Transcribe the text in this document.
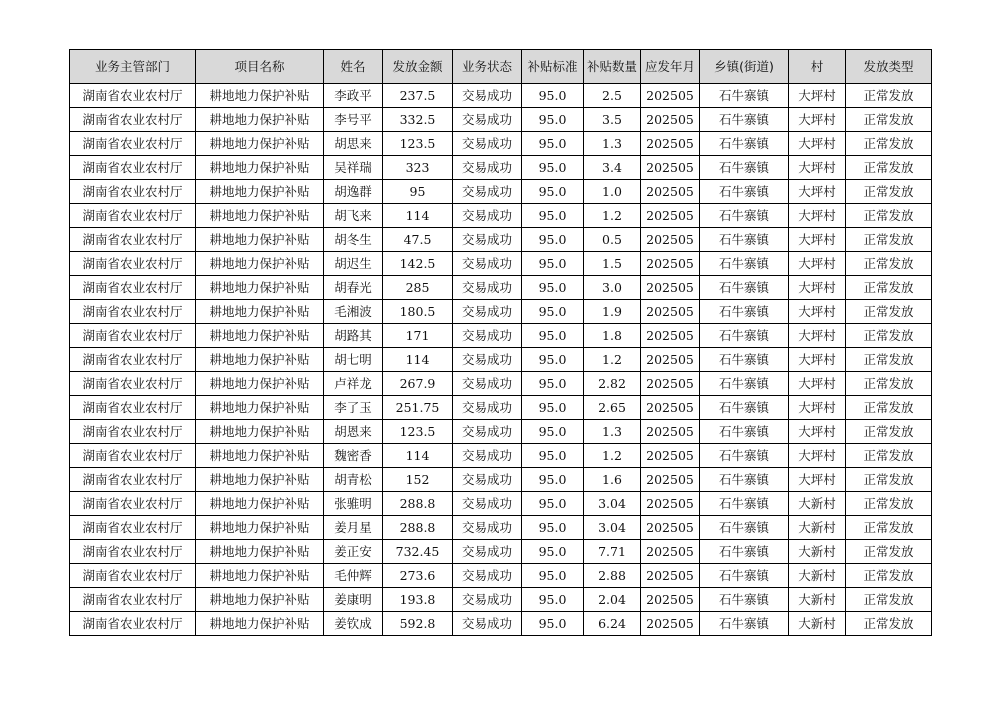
业务主管部门	项目名称	姓名	发放金额	业务状态	补贴标准	补贴数量	应发年月	乡镇(街道)	村	发放类型
湖南省农业农村厅	耕地地力保护补贴	李政平	237.5	交易成功	95.0	2.5	202505	石牛寨镇	大坪村	正常发放
湖南省农业农村厅	耕地地力保护补贴	李号平	332.5	交易成功	95.0	3.5	202505	石牛寨镇	大坪村	正常发放
湖南省农业农村厅	耕地地力保护补贴	胡思来	123.5	交易成功	95.0	1.3	202505	石牛寨镇	大坪村	正常发放
湖南省农业农村厅	耕地地力保护补贴	吴祥瑞	323	交易成功	95.0	3.4	202505	石牛寨镇	大坪村	正常发放
湖南省农业农村厅	耕地地力保护补贴	胡逸群	95	交易成功	95.0	1.0	202505	石牛寨镇	大坪村	正常发放
湖南省农业农村厅	耕地地力保护补贴	胡飞来	114	交易成功	95.0	1.2	202505	石牛寨镇	大坪村	正常发放
湖南省农业农村厅	耕地地力保护补贴	胡冬生	47.5	交易成功	95.0	0.5	202505	石牛寨镇	大坪村	正常发放
湖南省农业农村厅	耕地地力保护补贴	胡迟生	142.5	交易成功	95.0	1.5	202505	石牛寨镇	大坪村	正常发放
湖南省农业农村厅	耕地地力保护补贴	胡春光	285	交易成功	95.0	3.0	202505	石牛寨镇	大坪村	正常发放
湖南省农业农村厅	耕地地力保护补贴	毛湘波	180.5	交易成功	95.0	1.9	202505	石牛寨镇	大坪村	正常发放
湖南省农业农村厅	耕地地力保护补贴	胡路其	171	交易成功	95.0	1.8	202505	石牛寨镇	大坪村	正常发放
湖南省农业农村厅	耕地地力保护补贴	胡七明	114	交易成功	95.0	1.2	202505	石牛寨镇	大坪村	正常发放
湖南省农业农村厅	耕地地力保护补贴	卢祥龙	267.9	交易成功	95.0	2.82	202505	石牛寨镇	大坪村	正常发放
湖南省农业农村厅	耕地地力保护补贴	李了玉	251.75	交易成功	95.0	2.65	202505	石牛寨镇	大坪村	正常发放
湖南省农业农村厅	耕地地力保护补贴	胡恩来	123.5	交易成功	95.0	1.3	202505	石牛寨镇	大坪村	正常发放
湖南省农业农村厅	耕地地力保护补贴	魏密香	114	交易成功	95.0	1.2	202505	石牛寨镇	大坪村	正常发放
湖南省农业农村厅	耕地地力保护补贴	胡青松	152	交易成功	95.0	1.6	202505	石牛寨镇	大坪村	正常发放
湖南省农业农村厅	耕地地力保护补贴	张骓明	288.8	交易成功	95.0	3.04	202505	石牛寨镇	大新村	正常发放
湖南省农业农村厅	耕地地力保护补贴	姜月星	288.8	交易成功	95.0	3.04	202505	石牛寨镇	大新村	正常发放
湖南省农业农村厅	耕地地力保护补贴	姜正安	732.45	交易成功	95.0	7.71	202505	石牛寨镇	大新村	正常发放
湖南省农业农村厅	耕地地力保护补贴	毛仲辉	273.6	交易成功	95.0	2.88	202505	石牛寨镇	大新村	正常发放
湖南省农业农村厅	耕地地力保护补贴	姜康明	193.8	交易成功	95.0	2.04	202505	石牛寨镇	大新村	正常发放
湖南省农业农村厅	耕地地力保护补贴	姜钦成	592.8	交易成功	95.0	6.24	202505	石牛寨镇	大新村	正常发放
